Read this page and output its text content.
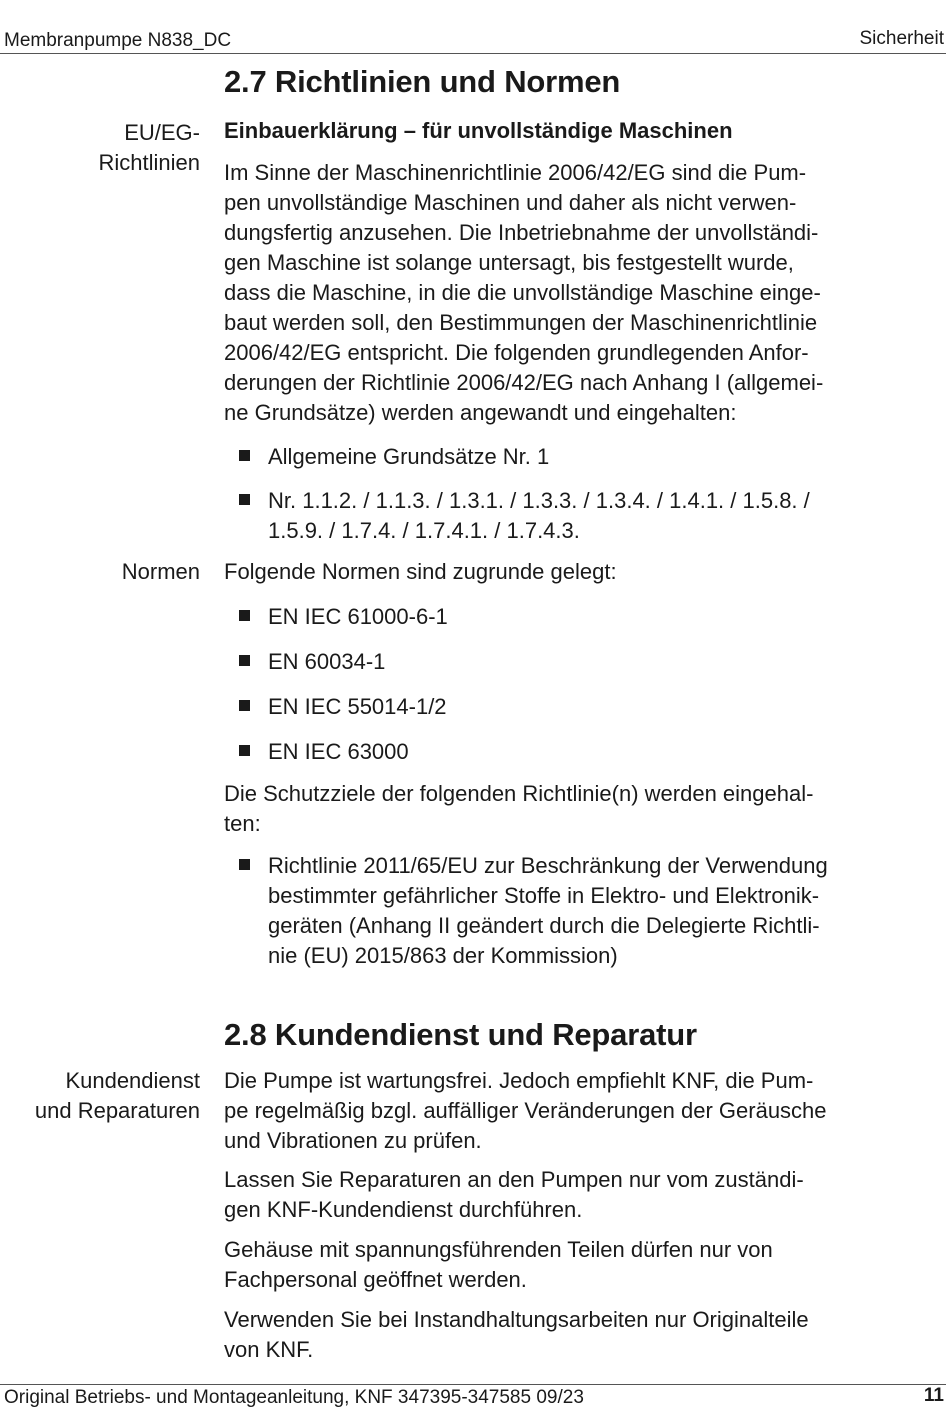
Membranpumpe N838_DC	Sicherheit
2.7 Richtlinien und Normen
EU/EG-
Richtlinien
Einbauerklärung – für unvollständige Maschinen
Im Sinne der Maschinenrichtlinie 2006/42/EG sind die Pum-
pen unvollständige Maschinen und daher als nicht verwen-
dungsfertig anzusehen. Die Inbetriebnahme der unvollständi-
gen Maschine ist solange untersagt, bis festgestellt wurde,
dass die Maschine, in die die unvollständige Maschine einge-
baut werden soll, den Bestimmungen der Maschinenrichtlinie
2006/42/EG entspricht. Die folgenden grundlegenden Anfor-
derungen der Richtlinie 2006/42/EG nach Anhang I (allgemei-
ne Grundsätze) werden angewandt und eingehalten:
Allgemeine Grundsätze Nr. 1
Nr. 1.1.2. / 1.1.3. / 1.3.1. / 1.3.3. / 1.3.4. / 1.4.1. / 1.5.8. /
1.5.9. / 1.7.4. / 1.7.4.1. / 1.7.4.3.
Normen Folgende Normen sind zugrunde gelegt:
EN IEC 61000-6-1
EN 60034-1
EN IEC 55014-1/2
EN IEC 63000
Die Schutzziele der folgenden Richtlinie(n) werden eingehal-
ten:
Richtlinie 2011/65/EU zur Beschränkung der Verwendung
bestimmter gefährlicher Stoffe in Elektro- und Elektronik-
geräten (Anhang II geändert durch die Delegierte Richtli-
nie (EU) 2015/863 der Kommission)
2.8 Kundendienst und Reparatur
Kundendienst
und Reparaturen
Die Pumpe ist wartungsfrei. Jedoch empfiehlt KNF, die Pum-
pe regelmäßig bzgl. auffälliger Veränderungen der Geräusche
und Vibrationen zu prüfen.
Lassen Sie Reparaturen an den Pumpen nur vom zuständi-
gen KNF-Kundendienst durchführen.
Gehäuse mit spannungsführenden Teilen dürfen nur von
Fachpersonal geöffnet werden.
Verwenden Sie bei Instandhaltungsarbeiten nur Originalteile
von KNF.
Original Betriebs- und Montageanleitung, KNF 347395-347585 09/23	11
